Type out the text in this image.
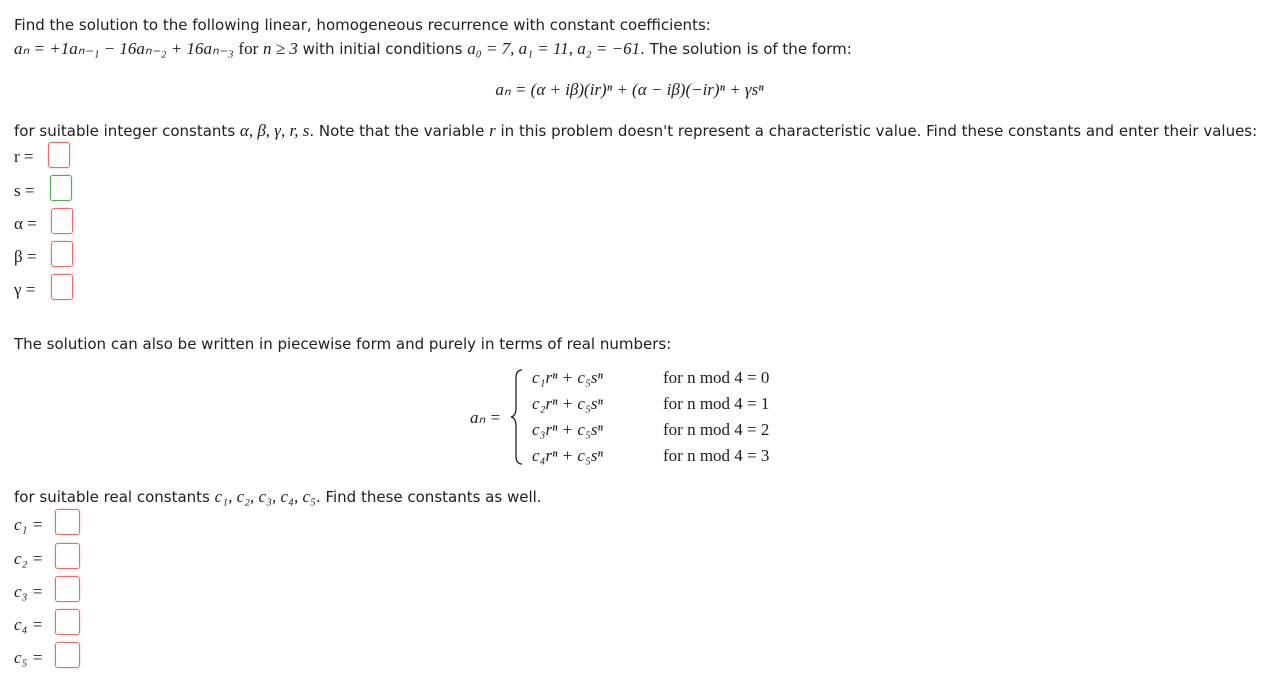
Find the solution to the following linear, homogeneous recurrence with constant coefficients:
aₙ = +1aₙ₋₁ − 16aₙ₋₂ + 16aₙ₋₃ for n ≥ 3 with initial conditions a₀ = 7, a₁ = 11, a₂ = −61. The solution is of the form:
aₙ = (α + iβ)(ir)ⁿ + (α − iβ)(−ir)ⁿ + γsⁿ
for suitable integer constants α, β, γ, r, s. Note that the variable r in this problem doesn't represent a characteristic value. Find these constants and enter their values:
r =
s =
α =
β =
γ =
The solution can also be written in piecewise form and purely in terms of real numbers:
aₙ =
c₁rⁿ + c₅sⁿ
c₂rⁿ + c₅sⁿ
c₃rⁿ + c₅sⁿ
c₄rⁿ + c₅sⁿ
for n mod 4 = 0
for n mod 4 = 1
for n mod 4 = 2
for n mod 4 = 3
for suitable real constants c₁, c₂, c₃, c₄, c₅. Find these constants as well.
c₁ =
c₂ =
c₃ =
c₄ =
c₅ =
